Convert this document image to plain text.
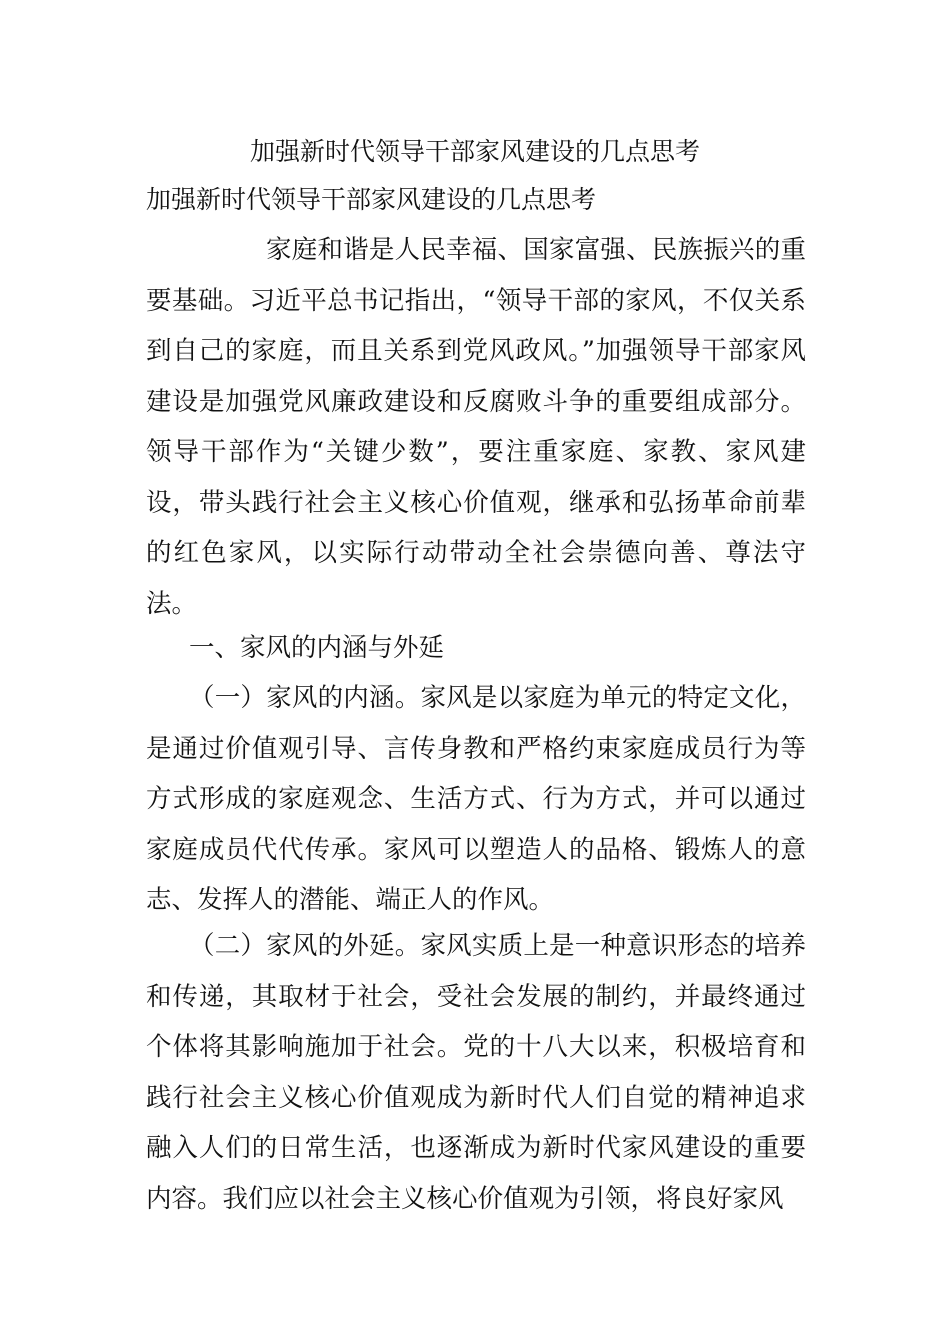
加强新时代领导干部家风建设的几点思考
加强新时代领导干部家风建设的几点思考
家庭和谐是人民幸福、国家富强、民族振兴的重要基础。习近平总书记指出，“领导干部的家风，不仅关系到自己的家庭，而且关系到党风政风。”加强领导干部家风建设是加强党风廉政建设和反腐败斗争的重要组成部分。领导干部作为“关键少数”，要注重家庭、家教、家风建设，带头践行社会主义核心价值观，继承和弘扬革命前辈的红色家风，以实际行动带动全社会崇德向善、尊法守法。
一、家风的内涵与外延
（一）家风的内涵。家风是以家庭为单元的特定文化，是通过价值观引导、言传身教和严格约束家庭成员行为等方式形成的家庭观念、生活方式、行为方式，并可以通过家庭成员代代传承。家风可以塑造人的品格、锻炼人的意志、发挥人的潜能、端正人的作风。
（二）家风的外延。家风实质上是一种意识形态的培养和传递，其取材于社会，受社会发展的制约，并最终通过个体将其影响施加于社会。党的十八大以来，积极培育和践行社会主义核心价值观成为新时代人们自觉的精神追求融入人们的日常生活，也逐渐成为新时代家风建设的重要内容。我们应以社会主义核心价值观为引领，将良好家风
